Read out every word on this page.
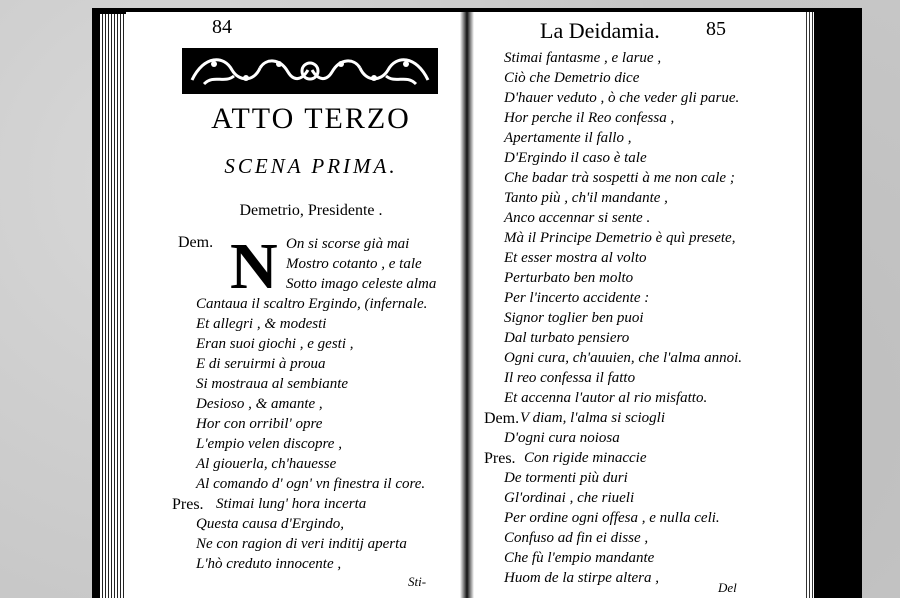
84
ATTO TERZO
SCENA PRIMA.
Demetrio, Presidente .
Dem. N On si scorse già mai
Mostro cotanto , e tale
Sotto imago celeste alma
Cantaua il scaltro Ergindo, (infernale.
Et allegri , & modesti
Eran suoi giochi , e gesti ,
E di seruirmi à proua
Si mostraua al sembiante
Desioso , & amante ,
Hor con orribil' opre
L'empio velen discopre ,
Al giouerla, ch'hauesse
Al comando d' ogn' vn finestra il core.
Pres. Stimai lung' hora incerta
Questa causa d'Ergindo,
Ne con ragion di veri inditij aperta
L'hò creduto innocente ,
Sti-
La Deidamia. 85
Stimai fantasme , e larue ,
Ciò che Demetrio dice
D'hauer veduto , ò che veder gli parue.
Hor perche il Reo confessa ,
Apertamente il fallo ,
D'Ergindo il caso è tale
Che badar trà sospetti à me non cale ;
Tanto più , ch'il mandante ,
Anco accennar si sente .
Mà il Principe Demetrio è quì presete,
Et esser mostra al volto
Perturbato ben molto
Per l'incerto accidente :
Signor toglier ben puoi
Dal turbato pensiero
Ogni cura, ch'auuien, che l'alma annoi.
Il reo confessa il fatto
Et accenna l'autor al rio misfatto.
Dem. V diam, l'alma si sciogli
D'ogni cura noiosa
Pres. Con rigide minaccie
De tormenti più duri
Gl'ordinai , che riueli
Per ordine ogni offesa , e nulla celi.
Confuso ad fin ei disse ,
Che fù l'empio mandante
Huom de la stirpe altera ,
Del
